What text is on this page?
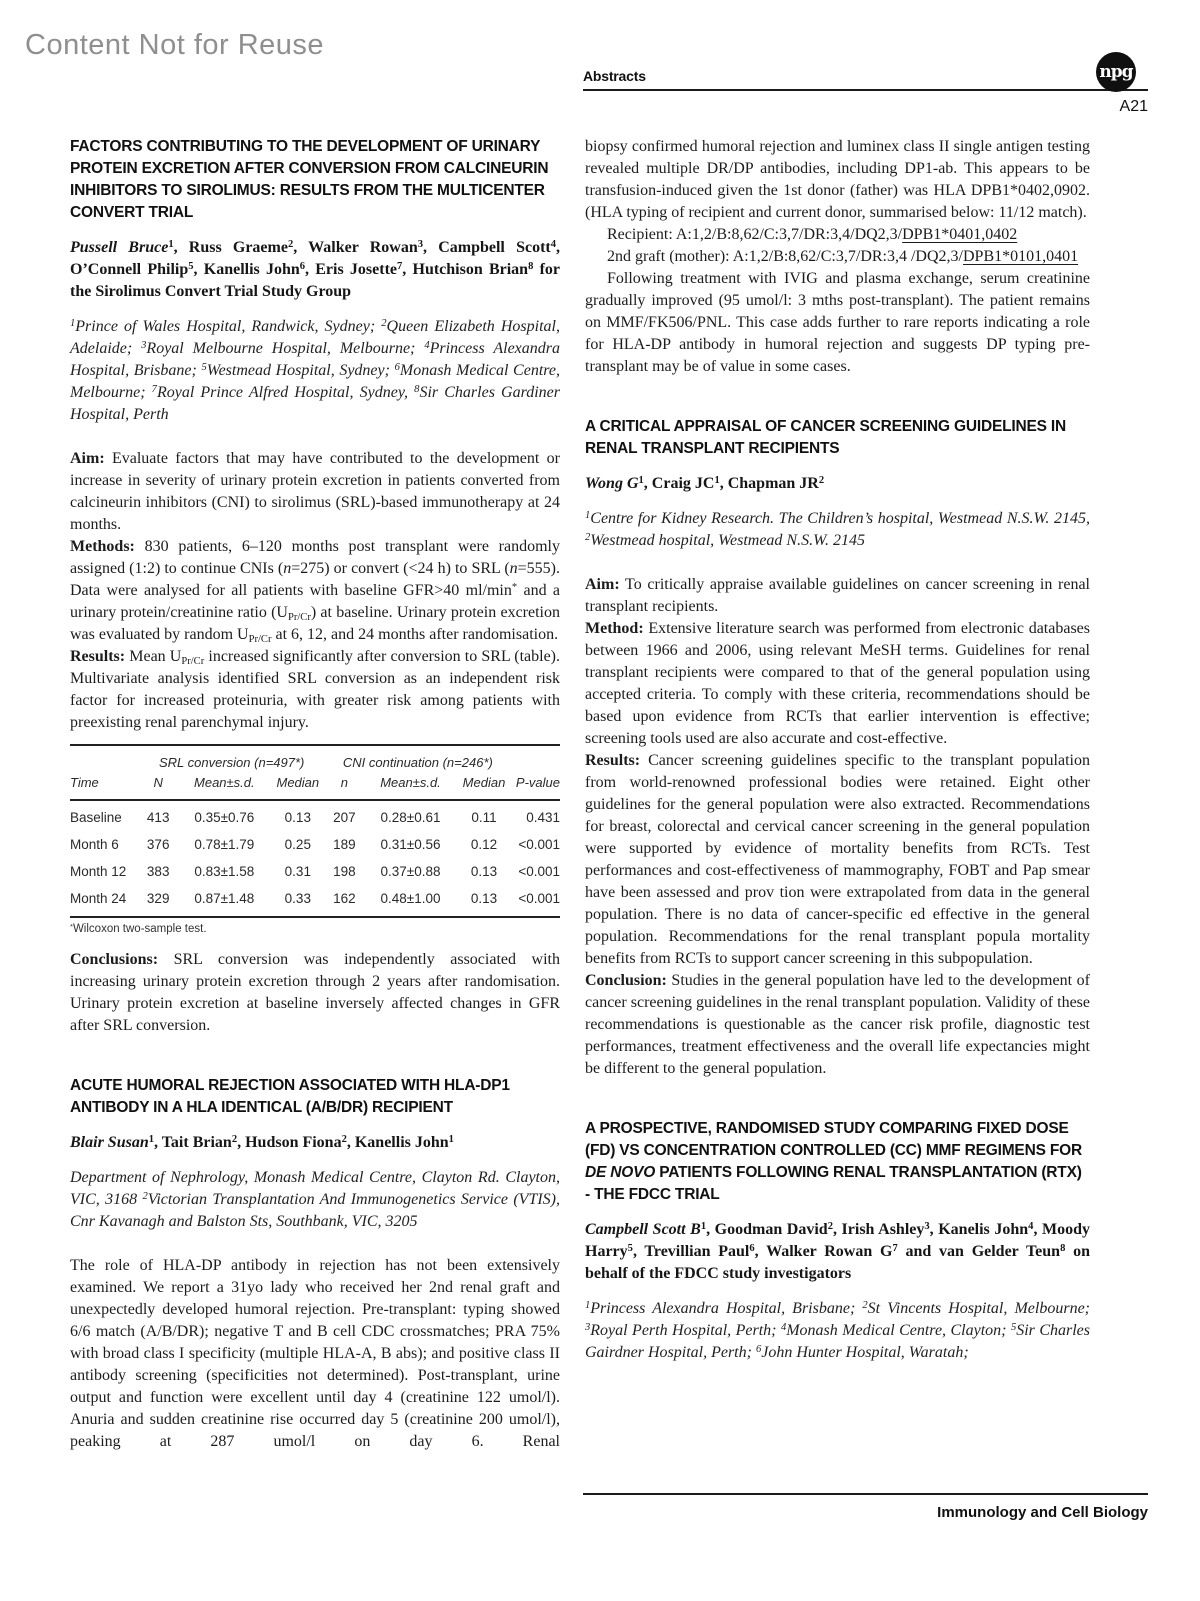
Content Not for Reuse
Abstracts	npg
A21
FACTORS CONTRIBUTING TO THE DEVELOPMENT OF URINARY PROTEIN EXCRETION AFTER CONVERSION FROM CALCINEURIN INHIBITORS TO SIROLIMUS: RESULTS FROM THE MULTICENTER CONVERT TRIAL

Pussell Bruce$^1$, Russ Graeme$^2$, Walker Rowan$^3$, Campbell Scott$^4$, O’Connell Philip$^5$, Kanellis John$^6$, Eris Josette$^7$, Hutchison Brian$^8$ for the Sirolimus Convert Trial Study Group

$^1$Prince of Wales Hospital, Randwick, Sydney; $^2$Queen Elizabeth Hospital, Adelaide; $^3$Royal Melbourne Hospital, Melbourne; $^4$Princess Alexandra Hospital, Brisbane; $^5$Westmead Hospital, Sydney; $^6$Monash Medical Centre, Melbourne; $^7$Royal Prince Alfred Hospital, Sydney, $^8$Sir Charles Gardiner Hospital, Perth

Aim: Evaluate factors that may have contributed to the development or increase in severity of urinary protein excretion in patients converted from calcineurin inhibitors (CNI) to sirolimus (SRL)-based immunotherapy at 24 months.

Methods: 830 patients, 6–120 months post transplant were randomly assigned (1:2) to continue CNIs (n=275) or convert (<24 h) to SRL (n=555). Data were analysed for all patients with baseline GFR>40 ml/min* and a urinary protein/creatinine ratio $(U_{Pr/Cr})$ at baseline. Urinary protein excretion was evaluated by random $U_{Pr/Cr}$ at 6, 12, and 24 months after randomisation.

Results: Mean $U_{Pr/Cr}$ increased significantly after conversion to SRL (table). Multivariate analysis identified SRL conversion as an independent risk factor for increased proteinuria, with greater risk among patients with preexisting renal parenchymal injury.

	SRL conversion (n=497*)			CNI continuation (n=246*)			
Time	N	Mean±s.d.	Median	n	Mean±s.d.	Median	P-value
Baseline	413	0.35±0.76	0.13	207	0.28±0.61	0.11	0.431
Month 6	376	0.78±1.79	0.25	189	0.31±0.56	0.12	<0.001
Month 12	383	0.83±1.58	0.31	198	0.37±0.88	0.13	<0.001
Month 24	329	0.87±1.48	0.33	162	0.48±1.00	0.13	<0.001

*Wilcoxon two-sample test.

Conclusions: SRL conversion was independently associated with increasing urinary protein excretion through 2 years after randomisation. Urinary protein excretion at baseline inversely affected changes in GFR after SRL conversion.

ACUTE HUMORAL REJECTION ASSOCIATED WITH HLA-DP1 ANTIBODY IN A HLA IDENTICAL (A/B/DR) RECIPIENT

Blair Susan$^1$, Tait Brian$^2$, Hudson Fiona$^2$, Kanellis John$^1$

Department of Nephrology, Monash Medical Centre, Clayton Rd. Clayton, VIC, 3168 $^2$Victorian Transplantation And Immunogenetics Service (VTIS), Cnr Kavanagh and Balston Sts, Southbank, VIC, 3205

The role of HLA-DP antibody in rejection has not been extensively examined. We report a 31yo lady who received her 2nd renal graft and unexpectedly developed humoral rejection. Pre-transplant: typing showed 6/6 match (A/B/DR); negative T and B cell CDC crossmatches; PRA 75% with broad class I specificity (multiple HLA-A, B abs); and positive class II antibody screening (specificities not determined). Post-transplant, urine output and function were excellent until day 4 (creatinine 122 umol/l). Anuria and sudden creatinine rise occurred day 5 (creatinine 200 umol/l), peaking at 287 umol/l on day 6. Renal

biopsy confirmed humoral rejection and luminex class II single antigen testing revealed multiple DR/DP antibodies, including DP1-ab. This appears to be transfusion-induced given the 1st donor (father) was HLA DPB1*0402,0902. (HLA typing of recipient and current donor, summarised below: 11/12 match).

Recipient: A:1,2/B:8,62/C:3,7/DR:3,4/DQ2,3/DPB1*0401,0402

2nd graft (mother): A:1,2/B:8,62/C:3,7/DR:3,4 /DQ2,3/DPB1*0101,0401

Following treatment with IVIG and plasma exchange, serum creatinine gradually improved (95 umol/l: 3 mths post-transplant). The patient remains on MMF/FK506/PNL. This case adds further to rare reports indicating a role for HLA-DP antibody in humoral rejection and suggests DP typing pre-transplant may be of value in some cases.

A CRITICAL APPRAISAL OF CANCER SCREENING GUIDELINES IN RENAL TRANSPLANT RECIPIENTS

Wong $G^1$, Craig $JC^1$, Chapman $JR^2$

$^1$Centre for Kidney Research. The Children’s hospital, Westmead N.S.W. 2145, $^2$Westmead hospital, Westmead N.S.W. 2145

Aim: To critically appraise available guidelines on cancer screening in renal transplant recipients.

Method: Extensive literature search was performed from electronic databases between 1966 and 2006, using relevant MeSH terms. Guidelines for renal transplant recipients were compared to that of the general population using accepted criteria. To comply with these criteria, recommendations should be based upon evidence from RCTs that earlier intervention is effective; screening tools used are also accurate and cost-effective.

Results: Cancer screening guidelines specific to the transplant population from world-renowned professional bodies were retained. Eight other guidelines for the general population were also extracted. Recommendations for breast, colorectal and cervical cancer screening in the general population were supported by evidence of mortality benefits from RCTs. Test performances and cost-effectiveness of mammography, FOBT and Pap smear have been assessed and prov tion were extrapolated from data in the general population. There is no data of cancer-specific ed effective in the general population. Recommendations for the renal transplant popula mortality benefits from RCTs to support cancer screening in this subpopulation.

Conclusion: Studies in the general population have led to the development of cancer screening guidelines in the renal transplant population. Validity of these recommendations is questionable as the cancer risk profile, diagnostic test performances, treatment effectiveness and the overall life expectancies might be different to the general population.

A PROSPECTIVE, RANDOMISED STUDY COMPARING FIXED DOSE (FD) VS CONCENTRATION CONTROLLED (CC) MMF REGIMENS FOR DE NOVO PATIENTS FOLLOWING RENAL TRANSPLANTATION (RTX) - THE FDCC TRIAL

Campbell Scott $B^1$, Goodman David$^2$, Irish Ashley$^3$, Kanelis John$^4$, Moody Harry$^5$, Trevillian Paul$^6$, Walker Rowan $G^7$ and van Gelder Teun$^8$ on behalf of the FDCC study investigators

$^1$Princess Alexandra Hospital, Brisbane; $^2$St Vincents Hospital, Melbourne; $^3$Royal Perth Hospital, Perth; $^4$Monash Medical Centre, Clayton; $^5$Sir Charles Gairdner Hospital, Perth; $^6$John Hunter Hospital, Waratah;

Immunology and Cell Biology
